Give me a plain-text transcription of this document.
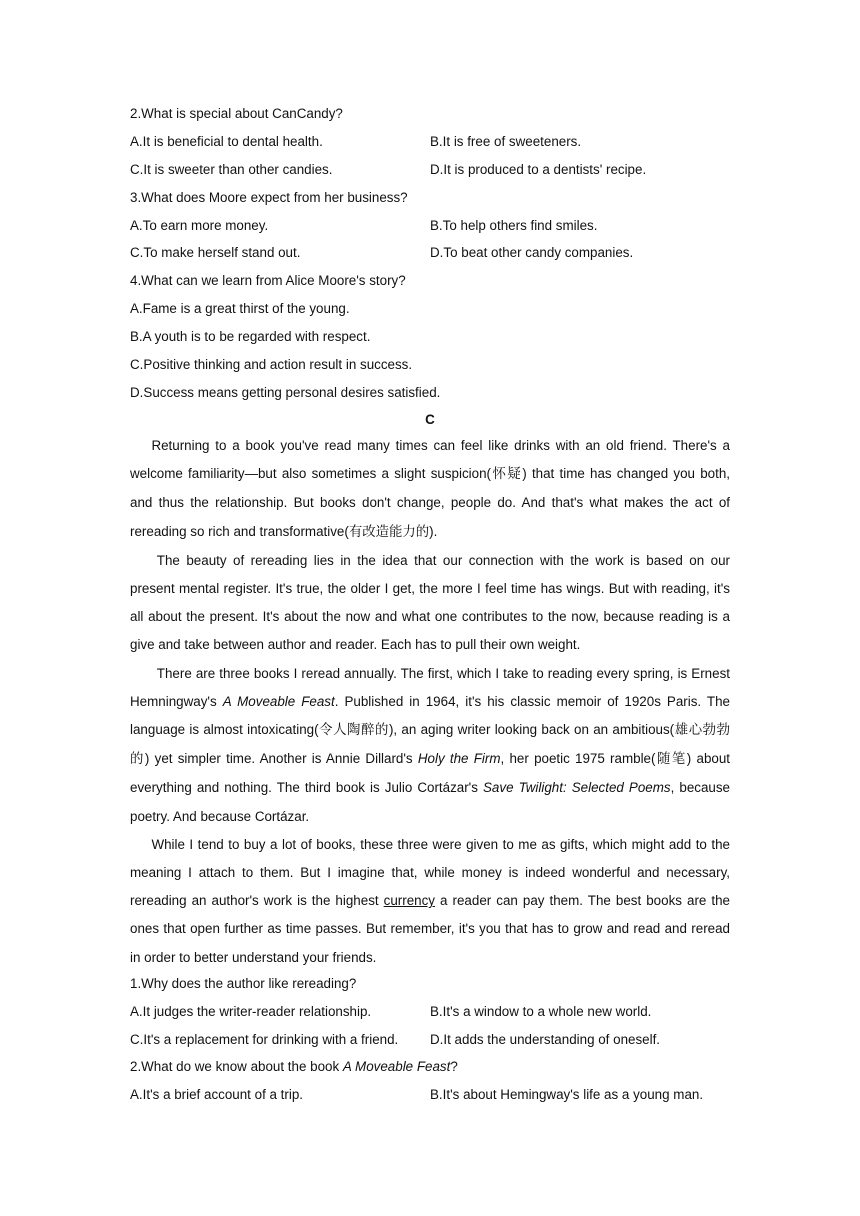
2.What is special about CanCandy?
A.It is beneficial to dental health.	B.It is free of sweeteners.
C.It is sweeter than other candies.	D.It is produced to a dentists' recipe.
3.What does Moore expect from her business?
A.To earn more money.	B.To help others find smiles.
C.To make herself stand out.	D.To beat other candy companies.
4.What can we learn from Alice Moore's story?
A.Fame is a great thirst of the young.
B.A youth is to be regarded with respect.
C.Positive thinking and action result in success.
D.Success means getting personal desires satisfied.
C

Returning to a book you've read many times can feel like drinks with an old friend. There's a welcome familiarity—but also sometimes a slight suspicion(怀疑) that time has changed you both, and thus the relationship. But books don't change, people do. And that's what makes the act of rereading so rich and transformative(有改造能力的).

The beauty of rereading lies in the idea that our connection with the work is based on our present mental register. It's true, the older I get, the more I feel time has wings. But with reading, it's all about the present. It's about the now and what one contributes to the now, because reading is a give and take between author and reader. Each has to pull their own weight.

There are three books I reread annually. The first, which I take to reading every spring, is Ernest Hemningway's A Moveable Feast. Published in 1964, it's his classic memoir of 1920s Paris. The language is almost intoxicating(令人陶醉的), an aging writer looking back on an ambitious(雄心勃勃的) yet simpler time. Another is Annie Dillard's Holy the Firm, her poetic 1975 ramble(随笔) about everything and nothing. The third book is Julio Cortázar's Save Twilight: Selected Poems, because poetry. And because Cortázar.

While I tend to buy a lot of books, these three were given to me as gifts, which might add to the meaning I attach to them. But I imagine that, while money is indeed wonderful and necessary, rereading an author's work is the highest currency a reader can pay them. The best books are the ones that open further as time passes. But remember, it's you that has to grow and read and reread in order to better understand your friends.

1.Why does the author like rereading?
A.It judges the writer-reader relationship.	B.It's a window to a whole new world.
C.It's a replacement for drinking with a friend. D.It adds the understanding of oneself.
2.What do we know about the book A Moveable Feast?
A.It's a brief account of a trip.	B.It's about Hemingway's life as a young man.
